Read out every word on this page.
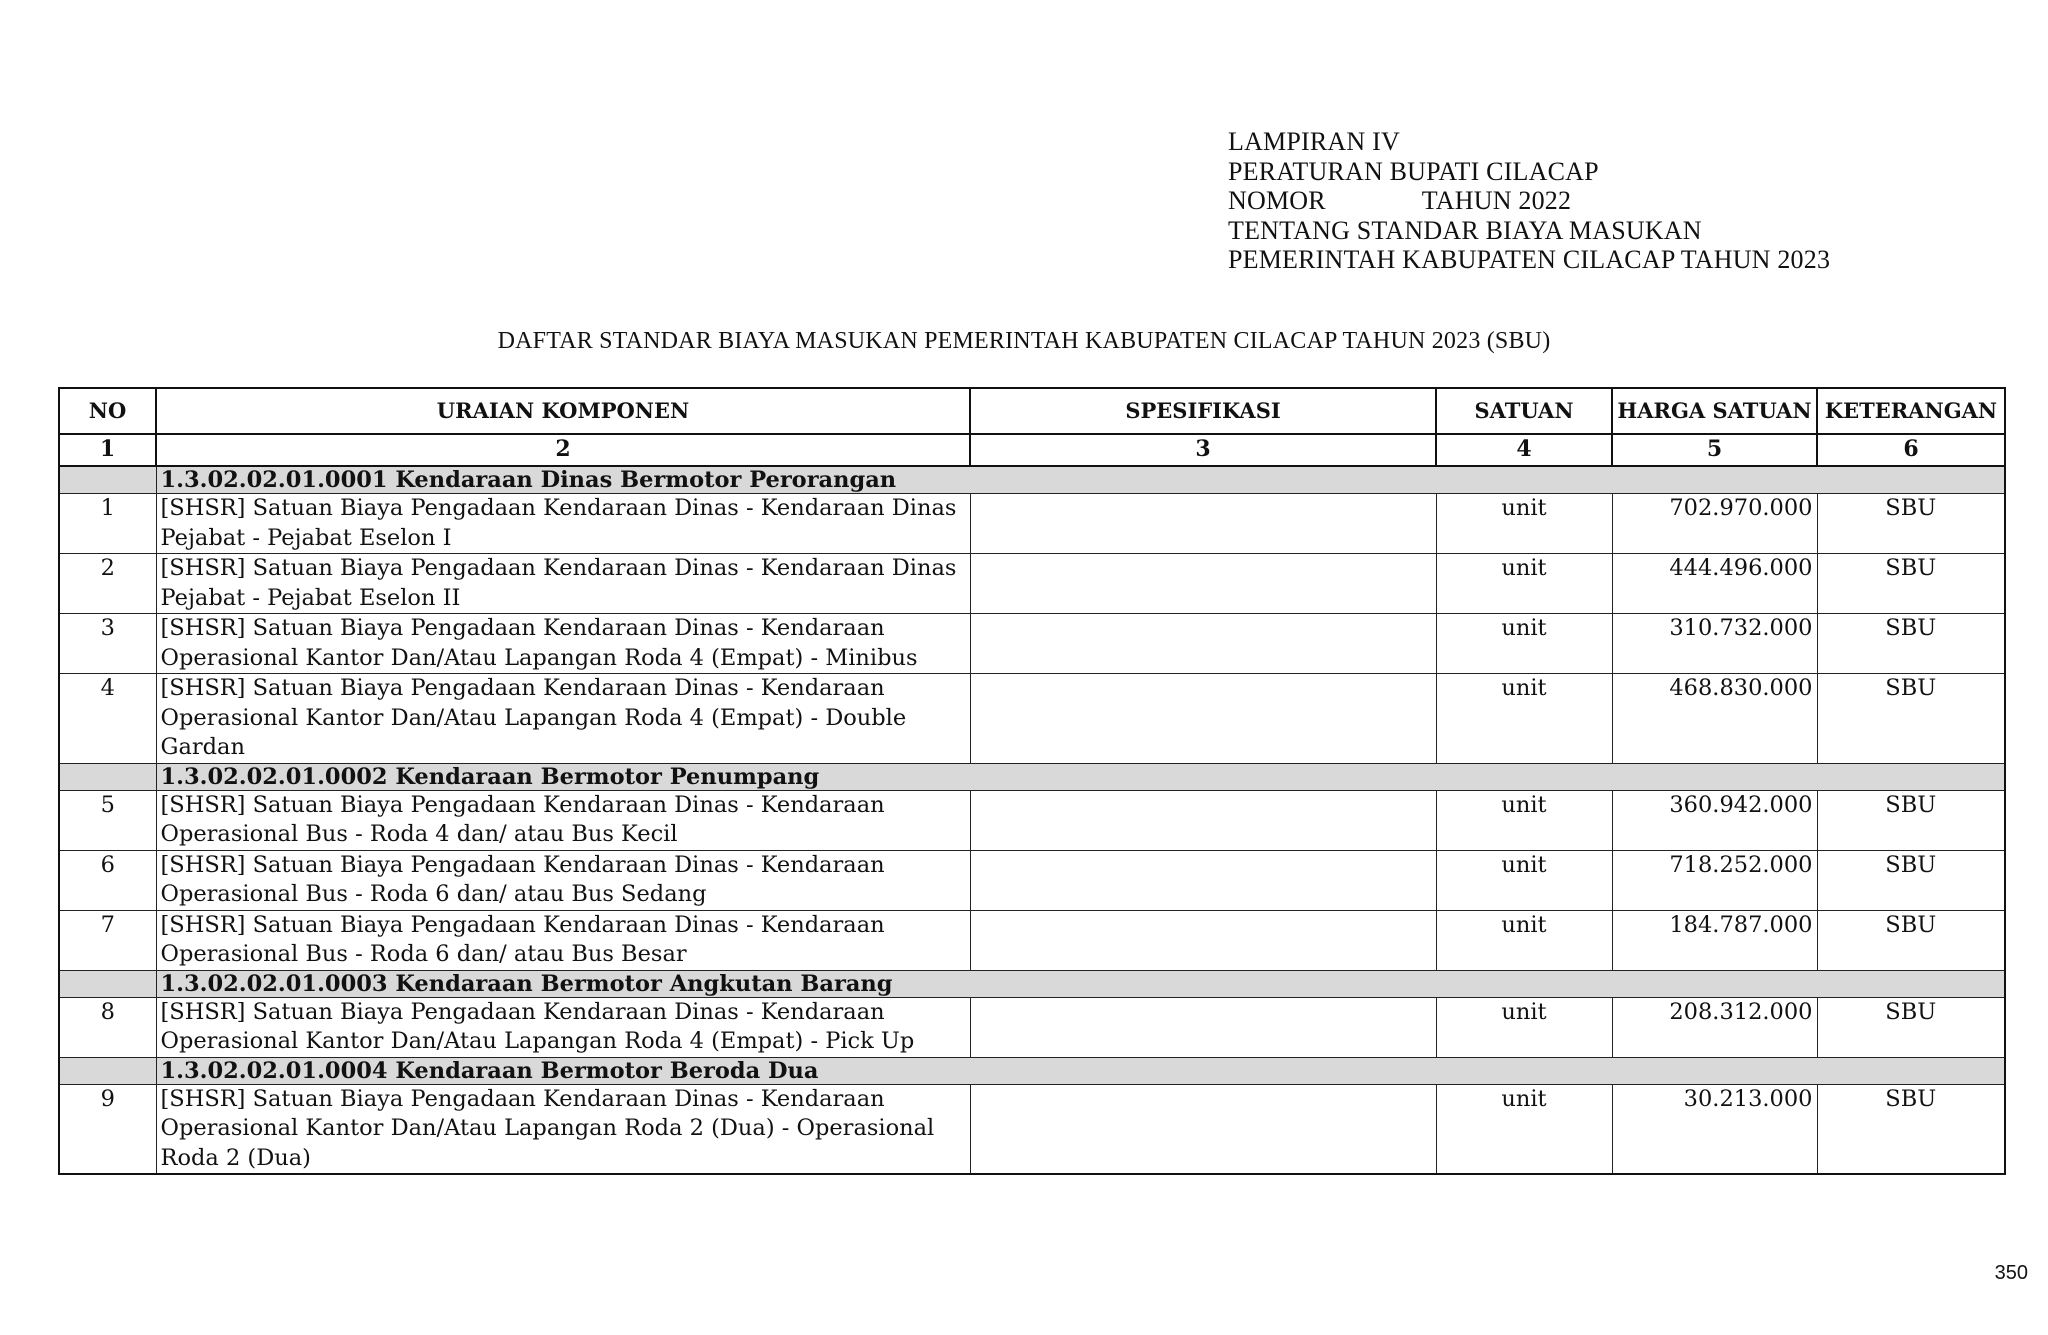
LAMPIRAN IV
PERATURAN BUPATI CILACAP
NOMOR	TAHUN 2022
TENTANG STANDAR BIAYA MASUKAN
PEMERINTAH KABUPATEN CILACAP TAHUN 2023
DAFTAR STANDAR BIAYA MASUKAN PEMERINTAH KABUPATEN CILACAP TAHUN 2023 (SBU)
NO	URAIAN KOMPONEN	SPESIFIKASI	SATUAN	HARGA SATUAN	KETERANGAN
1	2	3	4	5	6
	1.3.02.02.01.0001 Kendaraan Dinas Bermotor Perorangan				
1	[SHSR] Satuan Biaya Pengadaan Kendaraan Dinas - Kendaraan Dinas Pejabat - Pejabat Eselon I		unit	702.970.000	SBU
2	[SHSR] Satuan Biaya Pengadaan Kendaraan Dinas - Kendaraan Dinas Pejabat - Pejabat Eselon II		unit	444.496.000	SBU
3	[SHSR] Satuan Biaya Pengadaan Kendaraan Dinas - Kendaraan Operasional Kantor Dan/Atau Lapangan Roda 4 (Empat) - Minibus		unit	310.732.000	SBU
4	[SHSR] Satuan Biaya Pengadaan Kendaraan Dinas - Kendaraan Operasional Kantor Dan/Atau Lapangan Roda 4 (Empat) - Double Gardan		unit	468.830.000	SBU
	1.3.02.02.01.0002 Kendaraan Bermotor Penumpang				
5	[SHSR] Satuan Biaya Pengadaan Kendaraan Dinas - Kendaraan Operasional Bus - Roda 4 dan/ atau Bus Kecil		unit	360.942.000	SBU
6	[SHSR] Satuan Biaya Pengadaan Kendaraan Dinas - Kendaraan Operasional Bus - Roda 6 dan/ atau Bus Sedang		unit	718.252.000	SBU
7	[SHSR] Satuan Biaya Pengadaan Kendaraan Dinas - Kendaraan Operasional Bus - Roda 6 dan/ atau Bus Besar		unit	184.787.000	SBU
	1.3.02.02.01.0003 Kendaraan Bermotor Angkutan Barang				
8	[SHSR] Satuan Biaya Pengadaan Kendaraan Dinas - Kendaraan Operasional Kantor Dan/Atau Lapangan Roda 4 (Empat) - Pick Up		unit	208.312.000	SBU
	1.3.02.02.01.0004 Kendaraan Bermotor Beroda Dua				
9	[SHSR] Satuan Biaya Pengadaan Kendaraan Dinas - Kendaraan Operasional Kantor Dan/Atau Lapangan Roda 2 (Dua) - Operasional Roda 2 (Dua)		unit	30.213.000	SBU
350
